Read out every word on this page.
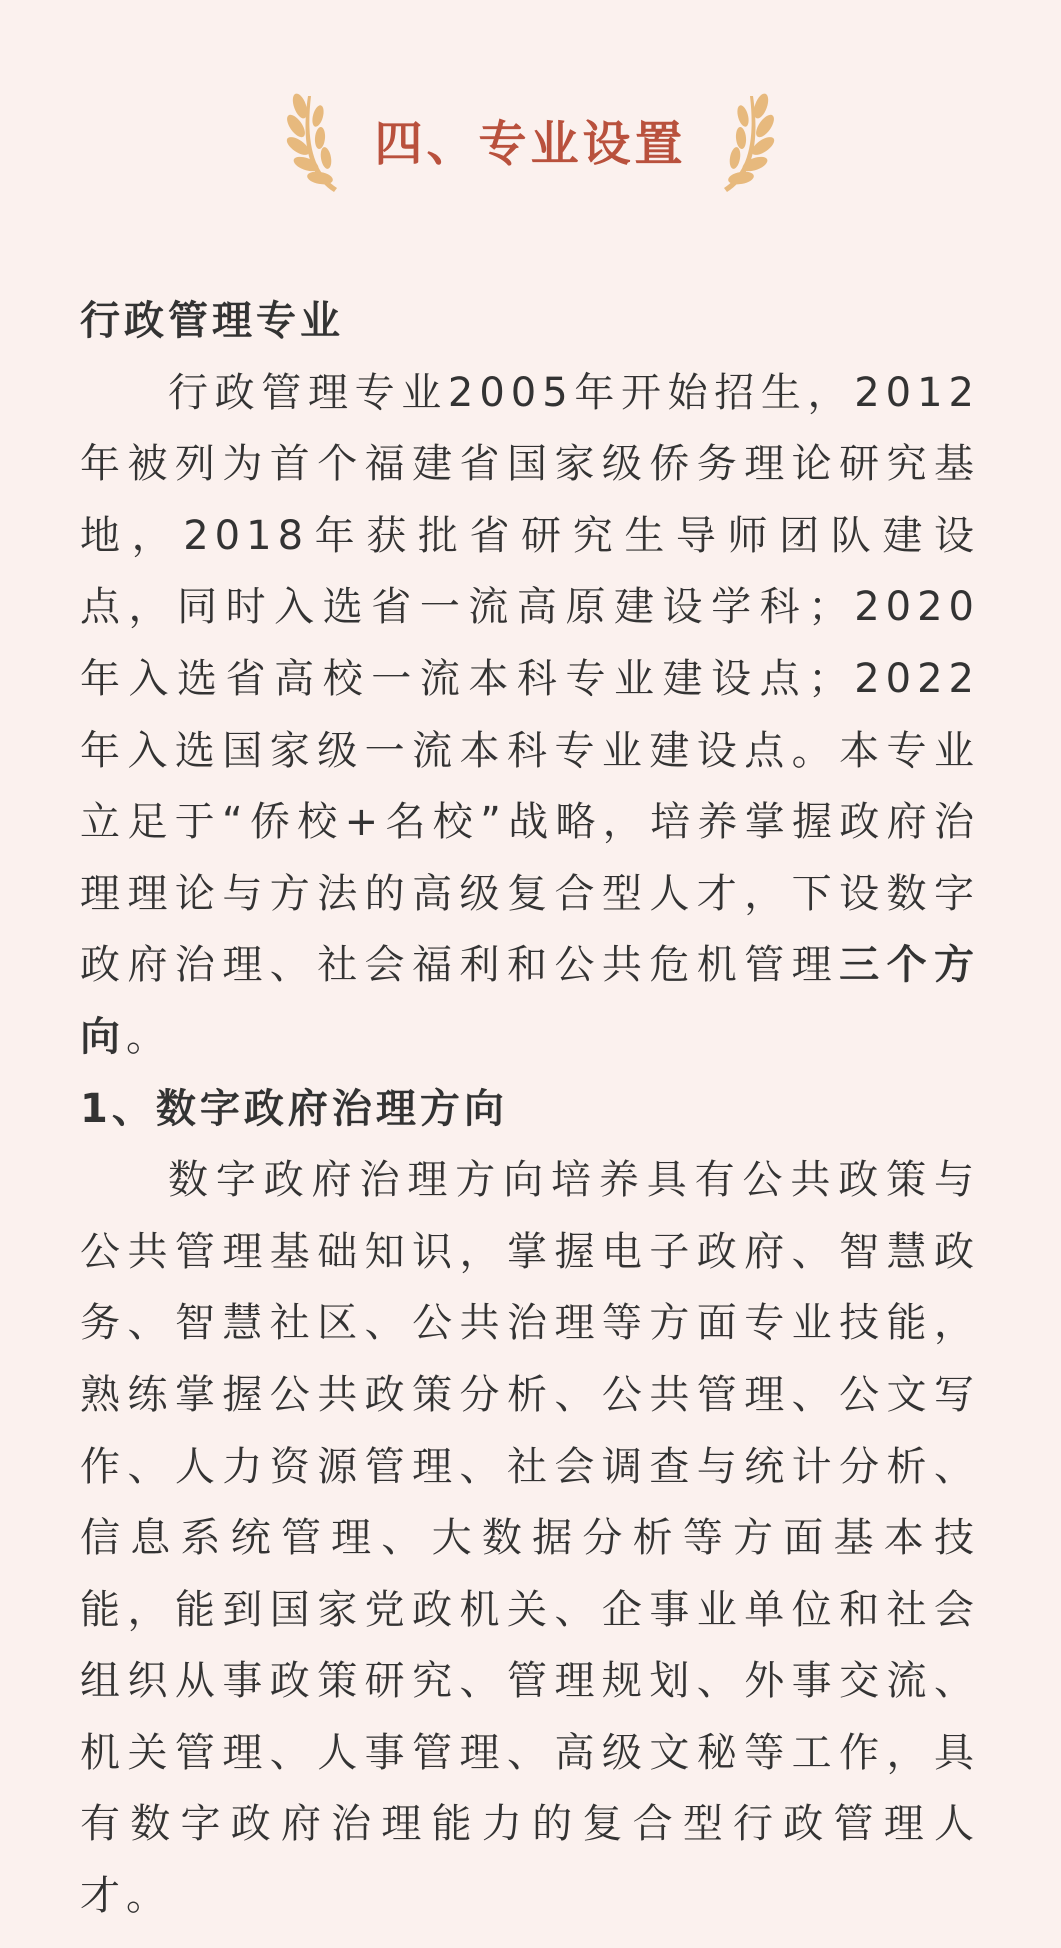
四、专业设置

行政管理专业

行政管理专业2005年开始招生，2012年被列为首个福建省国家级侨务理论研究基地，2018年获批省研究生导师团队建设点，同时入选省一流高原建设学科；2020年入选省高校一流本科专业建设点；2022年入选国家级一流本科专业建设点。本专业立足于“侨校+名校”战略，培养掌握政府治理理论与方法的高级复合型人才，下设数字政府治理、社会福利和公共危机管理三个方向。

1、数字政府治理方向

数字政府治理方向培养具有公共政策与公共管理基础知识，掌握电子政府、智慧政务、智慧社区、公共治理等方面专业技能，熟练掌握公共政策分析、公共管理、公文写作、人力资源管理、社会调查与统计分析、信息系统管理、大数据分析等方面基本技能，能到国家党政机关、企事业单位和社会组织从事政策研究、管理规划、外事交流、机关管理、人事管理、高级文秘等工作，具有数字政府治理能力的复合型行政管理人才。
